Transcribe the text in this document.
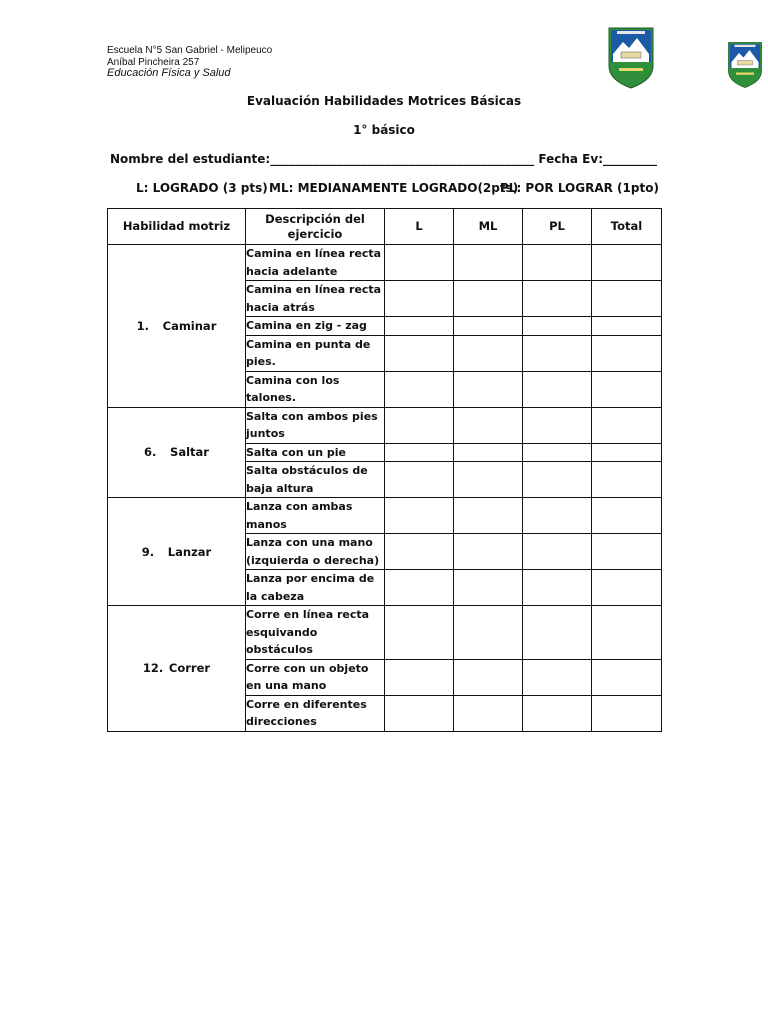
Escuela N°5 San Gabriel - Melipeuco
Aníbal Pincheira 257
Educación Física y Salud
Evaluación Habilidades Motrices Básicas
1° básico
Nombre del estudiante:____________________________________________ Fecha Ev:_________
L: LOGRADO (3 pts) ML: MEDIANAMENTE LOGRADO(2pts)
PL: POR LOGRAR (1pto)
Habilidad motriz	Descripción del ejercicio	L	ML	PL	Total
1. Caminar	Camina en línea recta hacia adelante				
	Camina en línea recta hacia atrás				
	Camina en zig - zag				
	Camina en punta de pies.				
	Camina con los talones.				
6. Saltar	Salta con ambos pies juntos				
	Salta con un pie				
	Salta obstáculos de baja altura				
9. Lanzar	Lanza con ambas manos				
	Lanza con una mano (izquierda o derecha)				
	Lanza por encima de la cabeza				
12. Correr	Corre en línea recta esquivando obstáculos				
	Corre con un objeto en una mano				
	Corre en diferentes direcciones				
